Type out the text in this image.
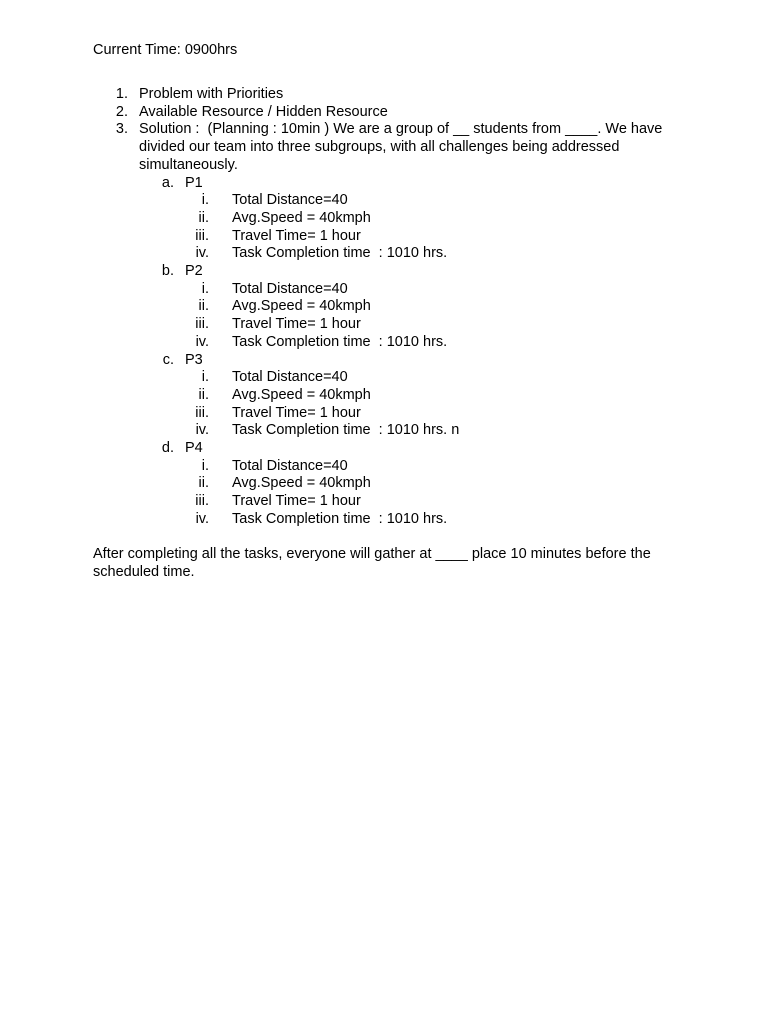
Current Time: 0900hrs
1. Problem with Priorities
2. Available Resource / Hidden Resource
3. Solution :  (Planning : 10min ) We are a group of __ students from ____. We have
divided our team into three subgroups, with all challenges being addressed
simultaneously.
a. P1
i. Total Distance=40
ii. Avg.Speed = 40kmph
iii. Travel Time= 1 hour
iv. Task Completion time  : 1010 hrs.
b. P2
i. Total Distance=40
ii. Avg.Speed = 40kmph
iii. Travel Time= 1 hour
iv. Task Completion time  : 1010 hrs.
c. P3
i. Total Distance=40
ii. Avg.Speed = 40kmph
iii. Travel Time= 1 hour
iv. Task Completion time  : 1010 hrs. n
d. P4
i. Total Distance=40
ii. Avg.Speed = 40kmph
iii. Travel Time= 1 hour
iv. Task Completion time  : 1010 hrs.
After completing all the tasks, everyone will gather at ____ place 10 minutes before the
scheduled time.
